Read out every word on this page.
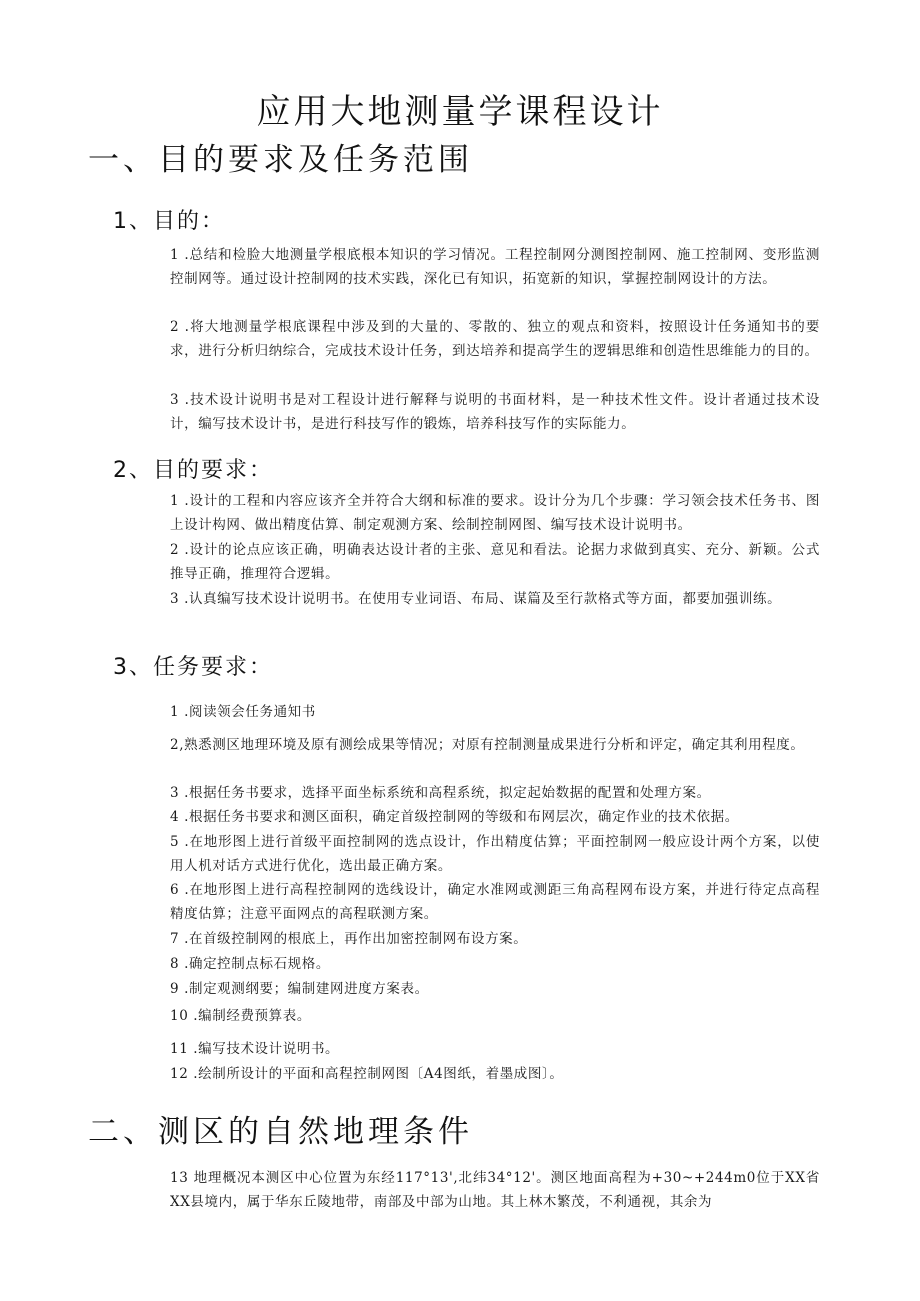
应用大地测量学课程设计
一、目的要求及任务范围
1、目的：
1 .总结和检脸大地测量学根底根本知识的学习情况。工程控制网分测图控制网、施工控制网、变形监测控制网等。通过设计控制网的技术实践，深化已有知识，拓宽新的知识，掌握控制网设计的方法。
2 .将大地测量学根底课程中涉及到的大量的、零散的、独立的观点和资料，按照设计任务通知书的要求，进行分析归纳综合，完成技术设计任务，到达培养和提高学生的逻辑思维和创造性思维能力的目的。
3 .技术设计说明书是对工程设计进行解释与说明的书面材料，是一种技术性文件。设计者通过技术设计，编写技术设计书，是进行科技写作的锻炼，培养科技写作的实际能力。
2、目的要求：
1 .设计的工程和内容应该齐全并符合大纲和标准的要求。设计分为几个步骤：学习领会技术任务书、图上设计构网、做出精度估算、制定观测方案、绘制控制网图、编写技术设计说明书。
2 .设计的论点应该正确，明确表达设计者的主张、意见和看法。论据力求做到真实、充分、新颖。公式推导正确，推理符合逻辑。
3 .认真编写技术设计说明书。在使用专业词语、布局、谋篇及至行款格式等方面，都要加强训练。
3、任务要求：
1 .阅读领会任务通知书
2,熟悉测区地理环境及原有测绘成果等情况；对原有控制测量成果进行分析和评定，确定其利用程度。
3 .根据任务书要求，选择平面坐标系统和高程系统，拟定起始数据的配置和处理方案。
4 .根据任务书要求和测区面积，确定首级控制网的等级和布网层次，确定作业的技术依据。
5 .在地形图上进行首级平面控制网的选点设计，作出精度估算；平面控制网一般应设计两个方案，以使用人机对话方式进行优化，选出最正确方案。
6 .在地形图上进行高程控制网的选线设计，确定水准网或测距三角高程网布设方案，并进行待定点高程精度估算；注意平面网点的高程联测方案。
7 .在首级控制网的根底上，再作出加密控制网布设方案。
8 .确定控制点标石规格。
9 .制定观测纲要；编制建网进度方案表。
10 .编制经费预算表。
11 .编写技术设计说明书。
12 .绘制所设计的平面和高程控制网图〔A4图纸，着墨成图〕。
二、测区的自然地理条件
13 地理概况本测区中心位置为东经117°13',北纬34°12'。测区地面高程为+30~+244m0位于XX省XX县境内，属于华东丘陵地带，南部及中部为山地。其上林木繁茂，不利通视，其余为
